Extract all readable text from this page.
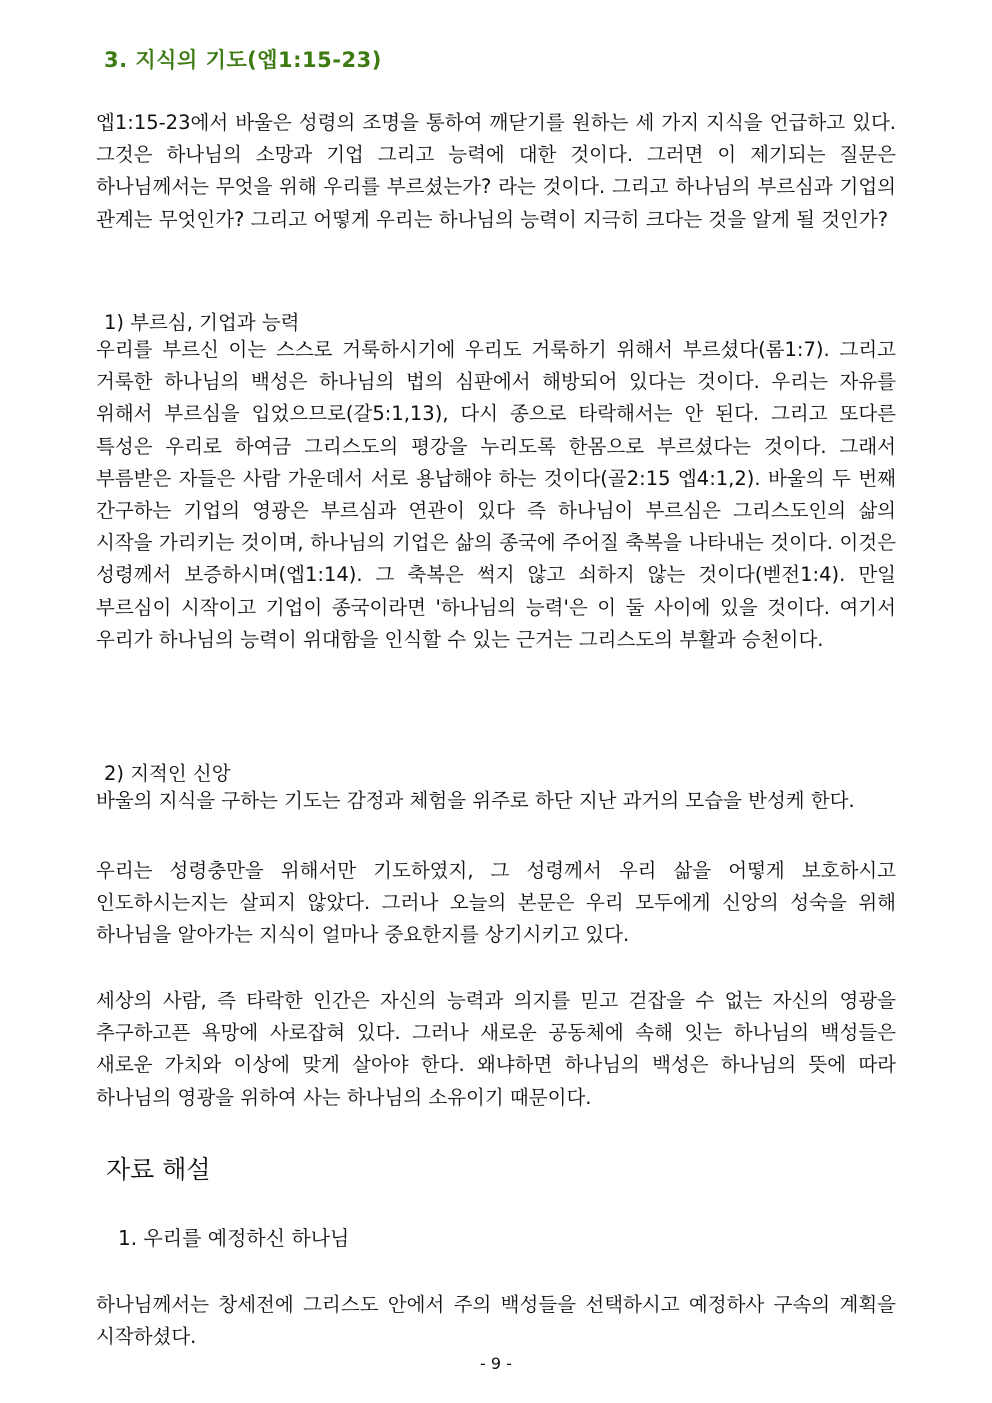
3. 지식의 기도(엡1:15-23)
엡1:15-23에서 바울은 성령의 조명을 통하여 깨닫기를 원하는 세 가지 지식을 언급하고 있다. 그것은 하나님의 소망과 기업 그리고 능력에 대한 것이다. 그러면 이 제기되는 질문은 하나님께서는 무엇을 위해 우리를 부르셨는가? 라는 것이다. 그리고 하나님의 부르심과 기업의 관계는 무엇인가? 그리고 어떻게 우리는 하나님의 능력이 지극히 크다는 것을 알게 될 것인가?
1) 부르심, 기업과 능력
우리를 부르신 이는 스스로 거룩하시기에 우리도 거룩하기 위해서 부르셨다(롬1:7). 그리고 거룩한 하나님의 백성은 하나님의 법의 심판에서 해방되어 있다는 것이다. 우리는 자유를 위해서 부르심을 입었으므로(갈5:1,13), 다시 종으로 타락해서는 안 된다. 그리고 또다른 특성은 우리로 하여금 그리스도의 평강을 누리도록 한몸으로 부르셨다는 것이다. 그래서 부름받은 자들은 사람 가운데서 서로 용납해야 하는 것이다(골2:15 엡4:1,2). 바울의 두 번째 간구하는 기업의 영광은 부르심과 연관이 있다 즉 하나님이 부르심은 그리스도인의 삶의 시작을 가리키는 것이며, 하나님의 기업은 삶의 종국에 주어질 축복을 나타내는 것이다. 이것은 성령께서 보증하시며(엡1:14). 그 축복은 썩지 않고 쇠하지 않는 것이다(벧전1:4). 만일 부르심이 시작이고 기업이 종국이라면 '하나님의 능력'은 이 둘 사이에 있을 것이다. 여기서 우리가 하나님의 능력이 위대함을 인식할 수 있는 근거는 그리스도의 부활과 승천이다.
2) 지적인 신앙
바울의 지식을 구하는 기도는 감정과 체험을 위주로 하단 지난 과거의 모습을 반성케 한다.
우리는 성령충만을 위해서만 기도하였지, 그 성령께서 우리 삶을 어떻게 보호하시고 인도하시는지는 살피지 않았다. 그러나 오늘의 본문은 우리 모두에게 신앙의 성숙을 위해 하나님을 알아가는 지식이 얼마나 중요한지를 상기시키고 있다.
세상의 사람, 즉 타락한 인간은 자신의 능력과 의지를 믿고 걷잡을 수 없는 자신의 영광을 추구하고픈 욕망에 사로잡혀 있다. 그러나 새로운 공동체에 속해 잇는 하나님의 백성들은 새로운 가치와 이상에 맞게 살아야 한다. 왜냐하면 하나님의 백성은 하나님의 뜻에 따라 하나님의 영광을 위하여 사는 하나님의 소유이기 때문이다.
자료 해설
1. 우리를 예정하신 하나님
하나님께서는 창세전에 그리스도 안에서 주의 백성들을 선택하시고 예정하사 구속의 계획을 시작하셨다.
- 9 -
